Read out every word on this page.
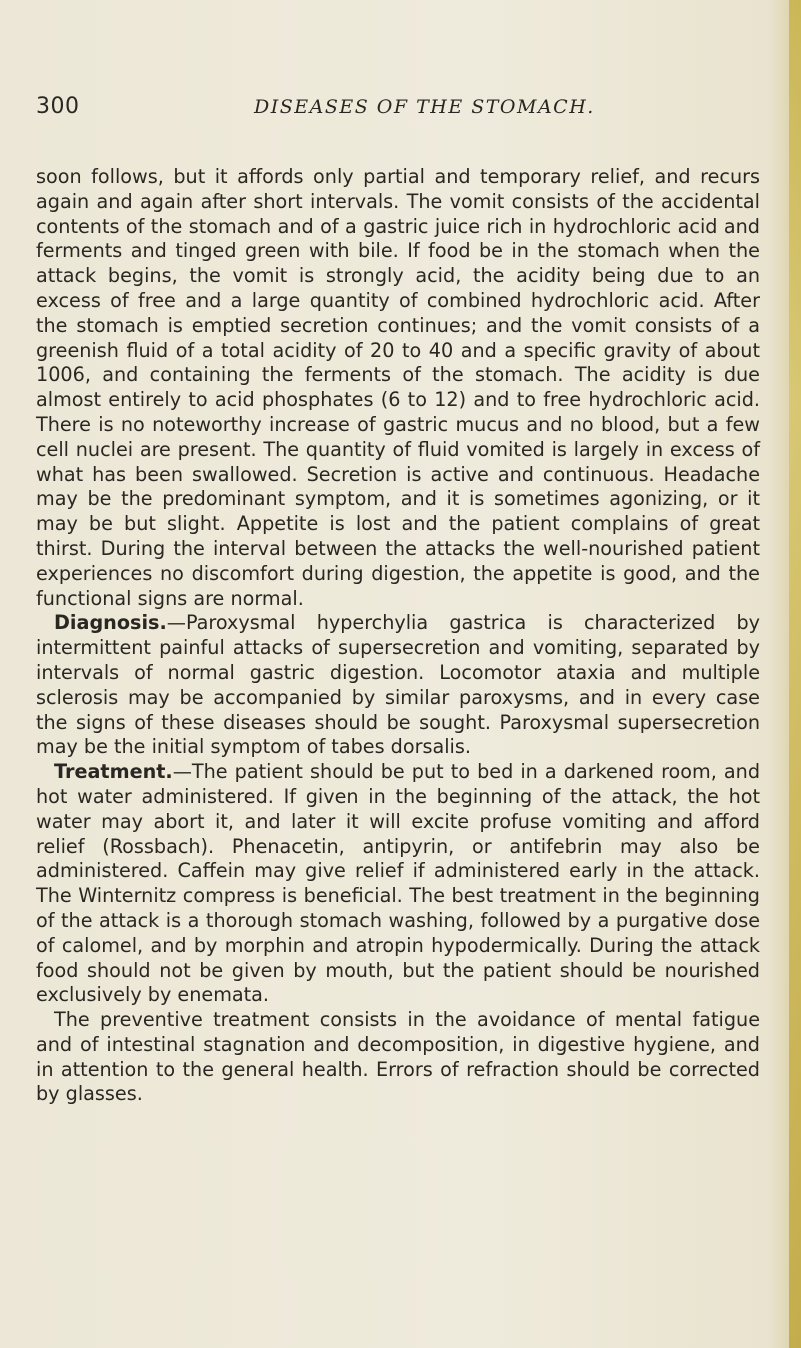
300	DISEASES OF THE STOMACH.

soon follows, but it affords only partial and temporary relief, and recurs again and again after short intervals. The vomit consists of the accidental contents of the stomach and of a gastric juice rich in hydrochloric acid and ferments and tinged green with bile. If food be in the stomach when the attack begins, the vomit is strongly acid, the acidity being due to an excess of free and a large quantity of combined hydrochloric acid. After the stomach is emptied secretion continues; and the vomit consists of a greenish fluid of a total acidity of 20 to 40 and a specific gravity of about 1006, and containing the ferments of the stomach. The acidity is due almost entirely to acid phosphates (6 to 12) and to free hydrochloric acid. There is no noteworthy increase of gastric mucus and no blood, but a few cell nuclei are present. The quantity of fluid vomited is largely in excess of what has been swallowed. Secretion is active and continuous. Headache may be the predominant symptom, and it is sometimes agonizing, or it may be but slight. Appetite is lost and the patient complains of great thirst. During the interval between the attacks the well-nourished patient experiences no discomfort during digestion, the appetite is good, and the functional signs are normal.

Diagnosis.—Paroxysmal hyperchylia gastrica is characterized by intermittent painful attacks of supersecretion and vomiting, separated by intervals of normal gastric digestion. Locomotor ataxia and multiple sclerosis may be accompanied by similar paroxysms, and in every case the signs of these diseases should be sought. Paroxysmal supersecretion may be the initial symptom of tabes dorsalis.

Treatment.—The patient should be put to bed in a darkened room, and hot water administered. If given in the beginning of the attack, the hot water may abort it, and later it will excite profuse vomiting and afford relief (Rossbach). Phenacetin, antipyrin, or antifebrin may also be administered. Caffein may give relief if administered early in the attack. The Winternitz compress is beneficial. The best treatment in the beginning of the attack is a thorough stomach washing, followed by a purgative dose of calomel, and by morphin and atropin hypodermically. During the attack food should not be given by mouth, but the patient should be nourished exclusively by enemata.

The preventive treatment consists in the avoidance of mental fatigue and of intestinal stagnation and decomposition, in digestive hygiene, and in attention to the general health. Errors of refraction should be corrected by glasses.
